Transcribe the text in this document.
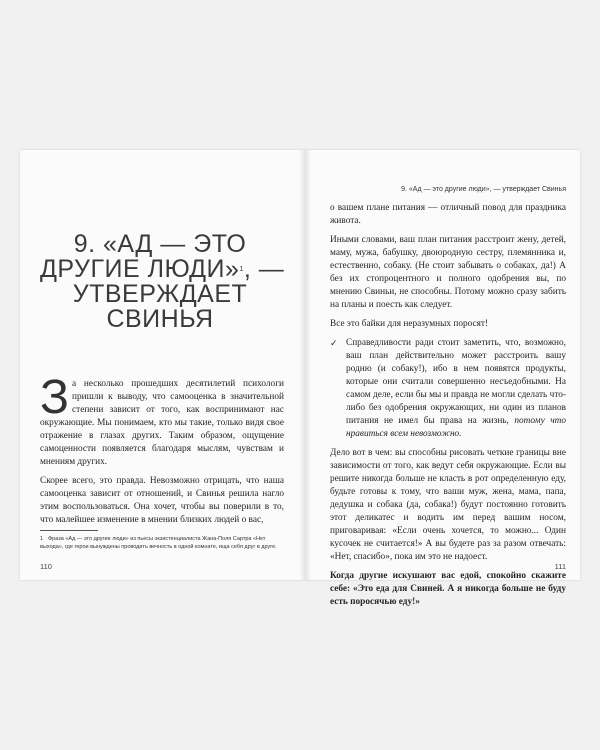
9. «АД — ЭТО
ДРУГИЕ ЛЮДИ»$^1$, —
УТВЕРЖДАЕТ
СВИНЬЯ

За несколько прошедших десятилетий психологи пришли к выводу, что самооценка в значительной степени зависит от того, как воспринимают нас окружающие. Мы понимаем, кто мы такие, только видя свое отражение в глазах других. Таким образом, ощущение самоценности появляется благодаря мыслям, чувствам и мнениям других.

Скорее всего, это правда. Невозможно отрицать, что наша самооценка зависит от отношений, и Свинья решила нагло этим воспользоваться. Она хочет, чтобы вы поверили в то, что малейшее изменение в мнении близких людей о вас,

1 Фраза «Ад — это другие люди» из пьесы экзистенциалиста Жана-Поля Сартра «Нет выхода», где герои вынуждены проводить вечность в одной комнате, ища себя друг в друге.
110
9. «Ад — это другие люди», — утверждает Свинья

о вашем плане питания — отличный повод для праздника живота.

Иными словами, ваш план питания расстроит жену, детей, маму, мужа, бабушку, двоюродную сестру, племянника и, естественно, собаку. (Не стоит забывать о собаках, да!) А без их стопроцентного и полного одобрения вы, по мнению Свиньи, не способны. Потому можно сразу забить на планы и поесть как следует.

Все это байки для неразумных поросят!

✓ Справедливости ради стоит заметить, что, возможно, ваш план действительно может расстроить вашу родню (и собаку!), ибо в нем появятся продукты, которые они считали совершенно несъедобными. На самом деле, если бы мы и правда не могли сделать что-либо без одобрения окружающих, ни один из планов питания не имел бы права на жизнь, потому что нравиться всем невозможно.

Дело вот в чем: вы способны рисовать четкие границы вне зависимости от того, как ведут себя окружающие. Если вы решите никогда больше не класть в рот определенную еду, будьте готовы к тому, что ваши муж, жена, мама, папа, дедушка и собака (да, собака!) будут постоянно готовить этот деликатес и водить им перед вашим носом, приговаривая: «Если очень хочется, то можно... Один кусочек не считается!» А вы будете раз за разом отвечать: «Нет, спасибо», пока им это не надоест.

Когда другие искушают вас едой, спокойно скажите себе: «Это еда для Свиней. А я никогда больше не буду есть поросячью еду!»

111
